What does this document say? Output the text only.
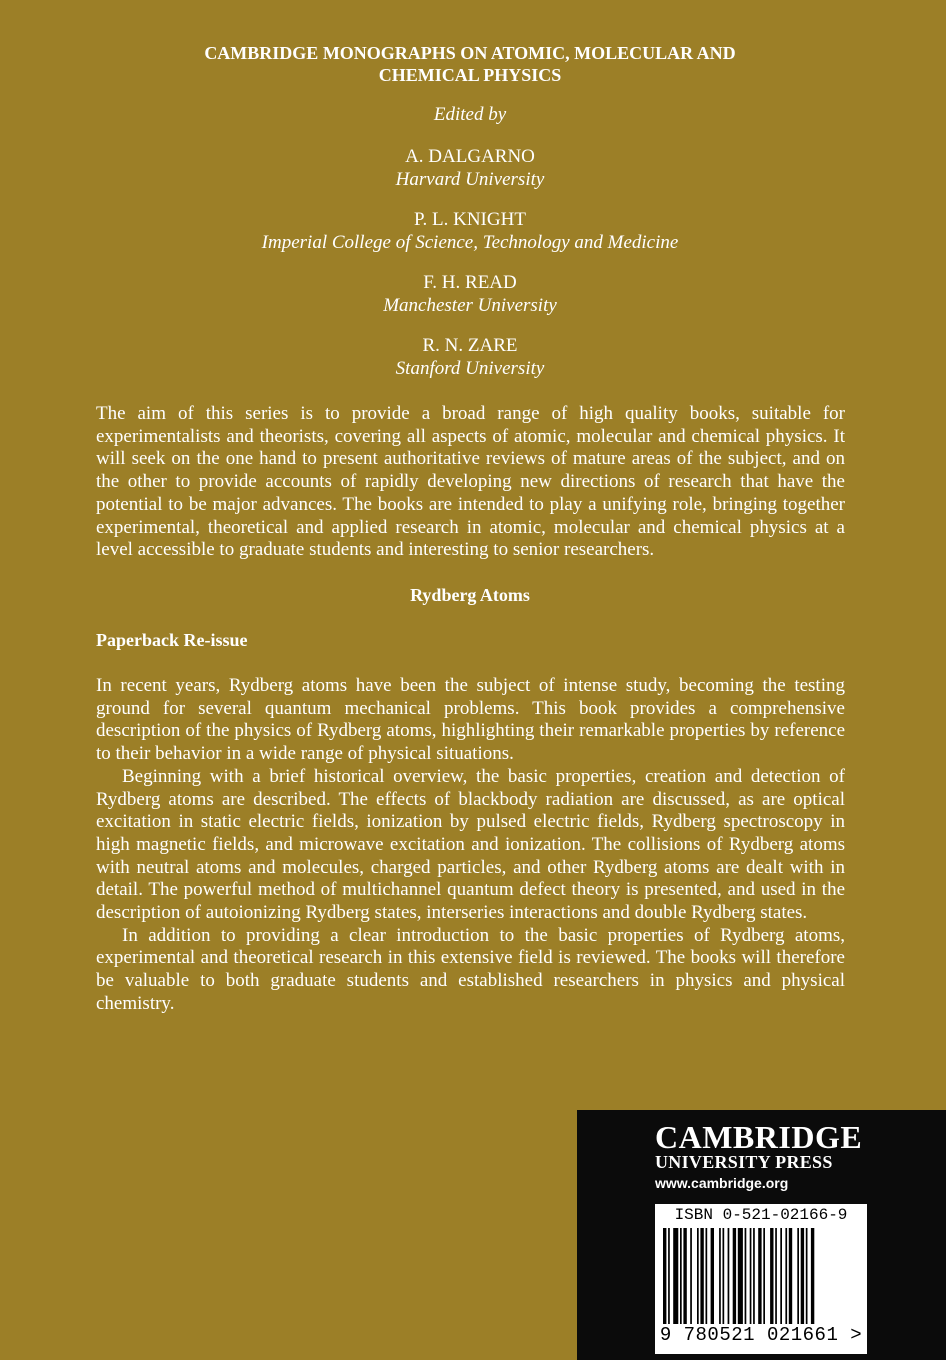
CAMBRIDGE MONOGRAPHS ON ATOMIC, MOLECULAR AND
CHEMICAL PHYSICS
Edited by
A. DALGARNO
Harvard University
P. L. KNIGHT
Imperial College of Science, Technology and Medicine
F. H. READ
Manchester University
R. N. ZARE
Stanford University
The aim of this series is to provide a broad range of high quality books, suitable for experimentalists and theorists, covering all aspects of atomic, molecular and chemical physics. It will seek on the one hand to present authoritative reviews of mature areas of the subject, and on the other to provide accounts of rapidly developing new directions of research that have the potential to be major advances. The books are intended to play a unifying role, bringing together experimental, theoretical and applied research in atomic, molecular and chemical physics at a level accessible to graduate students and interesting to senior researchers.
Rydberg Atoms
Paperback Re-issue

In recent years, Rydberg atoms have been the subject of intense study, becoming the testing ground for several quantum mechanical problems. This book provides a comprehensive description of the physics of Rydberg atoms, highlighting their remarkable properties by reference to their behavior in a wide range of physical situations.

Beginning with a brief historical overview, the basic properties, creation and detection of Rydberg atoms are described. The effects of blackbody radiation are discussed, as are optical excitation in static electric fields, ionization by pulsed electric fields, Rydberg spectroscopy in high magnetic fields, and microwave excitation and ionization. The collisions of Rydberg atoms with neutral atoms and molecules, charged particles, and other Rydberg atoms are dealt with in detail. The powerful method of multichannel quantum defect theory is presented, and used in the description of autoionizing Rydberg states, interseries interactions and double Rydberg states.

In addition to providing a clear introduction to the basic properties of Rydberg atoms, experimental and theoretical research in this extensive field is reviewed. The books will therefore be valuable to both graduate students and established researchers in physics and physical chemistry.

CAMBRIDGE
UNIVERSITY PRESS
www.cambridge.org
ISBN 0-521-02166-9
9 780521 021661 >
